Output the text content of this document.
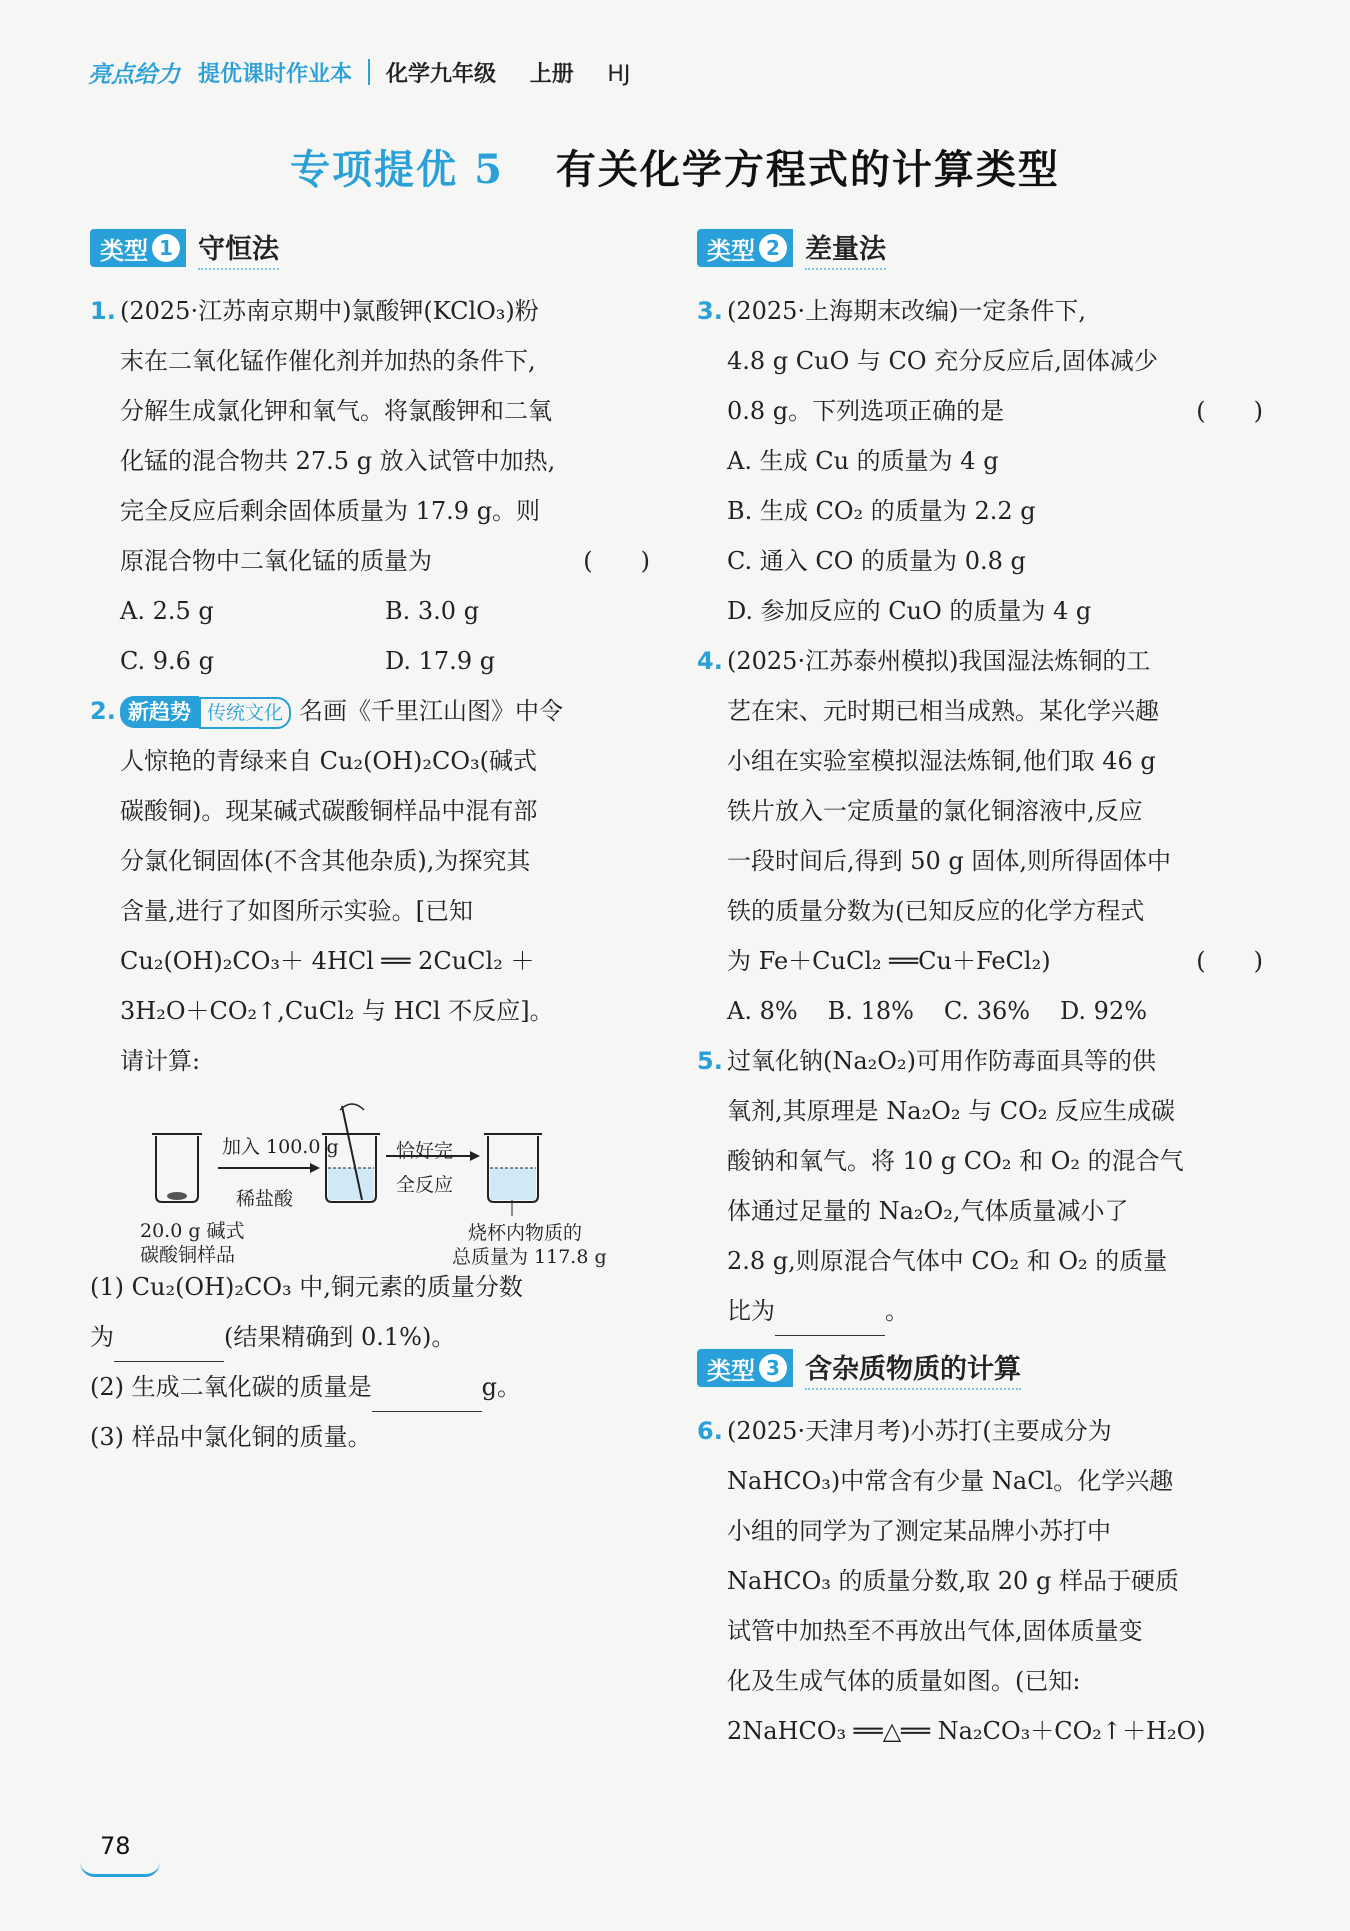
亮点给力 提优课时作业本 化学九年级 上册 HJ
专项提优 5 有关化学方程式的计算类型
类型 1 守恒法
1. (2025·江苏南京期中)氯酸钾(KClO₃)粉
末在二氧化锰作催化剂并加热的条件下,
分解生成氯化钾和氧气。将氯酸钾和二氧
化锰的混合物共 27.5 g 放入试管中加热,
完全反应后剩余固体质量为 17.9 g。则
原混合物中二氧化锰的质量为	(　　)
A. 2.5 g	B. 3.0 g
C. 9.6 g	D. 17.9 g
2. 新趋势 传统文化 名画《千里江山图》中令
人惊艳的青绿来自 Cu₂(OH)₂CO₃(碱式
碳酸铜)。现某碱式碳酸铜样品中混有部
分氯化铜固体(不含其他杂质),为探究其
含量,进行了如图所示实验。[已知
Cu₂(OH)₂CO₃＋ 4HCl ══ 2CuCl₂ ＋
3H₂O＋CO₂↑,CuCl₂ 与 HCl 不反应]。
请计算:
加入 100.0 g
稀盐酸
恰好完
全反应
20.0 g 碱式
碳酸铜样品
烧杯内物质的
总质量为 117.8 g
(1) Cu₂(OH)₂CO₃ 中,铜元素的质量分数
为	(结果精确到 0.1%)。
(2) 生成二氧化碳的质量是	g。
(3) 样品中氯化铜的质量。
类型 2 差量法
3. (2025·上海期末改编)一定条件下,
4.8 g CuO 与 CO 充分反应后,固体减少
0.8 g。下列选项正确的是	(　　)
A. 生成 Cu 的质量为 4 g
B. 生成 CO₂ 的质量为 2.2 g
C. 通入 CO 的质量为 0.8 g
D. 参加反应的 CuO 的质量为 4 g
4. (2025·江苏泰州模拟)我国湿法炼铜的工
艺在宋、元时期已相当成熟。某化学兴趣
小组在实验室模拟湿法炼铜,他们取 46 g
铁片放入一定质量的氯化铜溶液中,反应
一段时间后,得到 50 g 固体,则所得固体中
铁的质量分数为(已知反应的化学方程式
为 Fe＋CuCl₂ ══Cu＋FeCl₂)	(　　)
A. 8% B. 18% C. 36% D. 92%
5. 过氧化钠(Na₂O₂)可用作防毒面具等的供
氧剂,其原理是 Na₂O₂ 与 CO₂ 反应生成碳
酸钠和氧气。将 10 g CO₂ 和 O₂ 的混合气
体通过足量的 Na₂O₂,气体质量减小了
2.8 g,则原混合气体中 CO₂ 和 O₂ 的质量
比为	。
类型 3 含杂质物质的计算
6. (2025·天津月考)小苏打(主要成分为
NaHCO₃)中常含有少量 NaCl。化学兴趣
小组的同学为了测定某品牌小苏打中
NaHCO₃ 的质量分数,取 20 g 样品于硬质
试管中加热至不再放出气体,固体质量变
化及生成气体的质量如图。(已知:
2NaHCO₃ ══△══ Na₂CO₃＋CO₂↑＋H₂O)
78
